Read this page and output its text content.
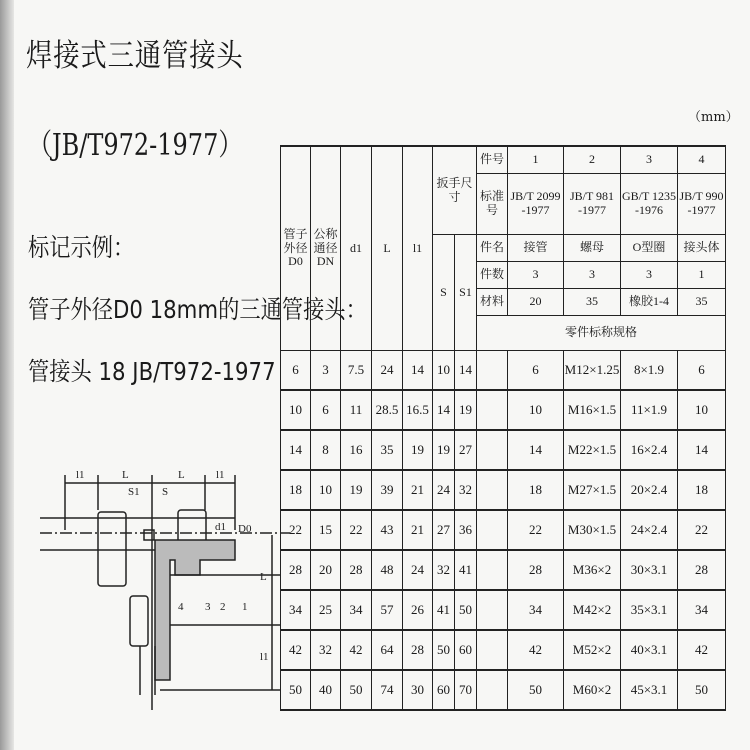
焊接式三通管接头
（JB/T972-1977）
（mm）
标记示例：
管子外径D0 18mm的三通管接头：
管接头 18 JB/T972-1977
管子外径D0	公称通径DN	d1	L	l1	扳手尺寸		件号	1	2	3	4
							标准号	JB/T 2099 -1977	JB/T 981 -1977	GB/T 1235 -1976	JB/T 990 -1977
					S	S1	件名	接管	螺母	O型圈	接头体
							件数	3	3	3	1
							材料	20	35	橡胶1-4	35
							零件标称规格				
6	3	7.5	24	14	10	14		6	M12×1.25	8×1.9	6
10	6	11	28.5	16.5	14	19		10	M16×1.5	11×1.9	10
14	8	16	35	19	19	27		14	M22×1.5	16×2.4	14
18	10	19	39	21	24	32		18	M27×1.5	20×2.4	18
22	15	22	43	21	27	36		22	M30×1.5	24×2.4	22
28	20	28	48	24	32	41		28	M36×2	30×3.1	28
34	25	34	57	26	41	50		34	M42×2	35×3.1	34
42	32	42	64	28	50	60		42	M52×2	40×3.1	42
50	40	50	74	30	60	70		50	M60×2	45×3.1	50
l1	L	L	l1
S1 S
L
l1
d1 D0
4 3 2 1
